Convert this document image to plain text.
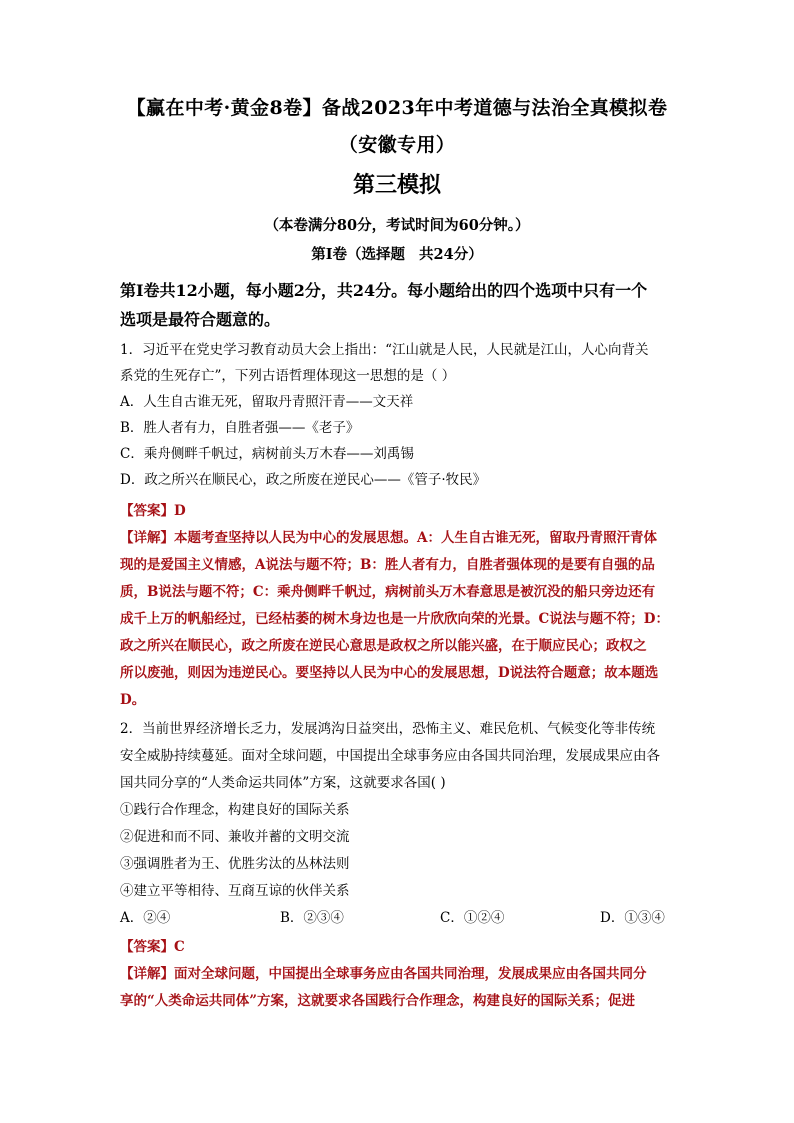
【赢在中考·黄金8卷】备战2023年中考道德与法治全真模拟卷（安徽专用）
第三模拟
（本卷满分80分，考试时间为60分钟。）
第Ⅰ卷（选择题 共24分）
第Ⅰ卷共12小题，每小题2分，共24分。每小题给出的四个选项中只有一个
选项是最符合题意的。
1．习近平在党史学习教育动员大会上指出：“江山就是人民，人民就是江山，人心向背关
系党的生死存亡”，下列古语哲理体现这一思想的是（ ）
A．人生自古谁无死，留取丹青照汗青——文天祥
B．胜人者有力，自胜者强——《老子》
C．乘舟侧畔千帆过，病树前头万木春——刘禹锡
D．政之所兴在顺民心，政之所废在逆民心——《管子·牧民》
【答案】D
【详解】本题考查坚持以人民为中心的发展思想。A：人生自古谁无死，留取丹青照汗青体
现的是爱国主义情感，A说法与题不符；B：胜人者有力，自胜者强体现的是要有自强的品
质，B说法与题不符；C：乘舟侧畔千帆过，病树前头万木春意思是被沉没的船只旁边还有
成千上万的帆船经过，已经枯萎的树木身边也是一片欣欣向荣的光景。C说法与题不符；D：
政之所兴在顺民心，政之所废在逆民心意思是政权之所以能兴盛，在于顺应民心；政权之
所以废弛，则因为违逆民心。要坚持以人民为中心的发展思想，D说法符合题意；故本题选
D。
2．当前世界经济增长乏力，发展鸿沟日益突出，恐怖主义、难民危机、气候变化等非传统
安全威胁持续蔓延。面对全球问题，中国提出全球事务应由各国共同治理，发展成果应由各
国共同分享的“人类命运共同体”方案，这就要求各国( )
①践行合作理念，构建良好的国际关系
②促进和而不同、兼收并蓄的文明交流
③强调胜者为王、优胜劣汰的丛林法则
④建立平等相待、互商互谅的伙伴关系
A．②④	B．②③④	C．①②④	D．①③④
【答案】C
【详解】面对全球问题，中国提出全球事务应由各国共同治理，发展成果应由各国共同分
享的“人类命运共同体”方案，这就要求各国践行合作理念，构建良好的国际关系；促进
